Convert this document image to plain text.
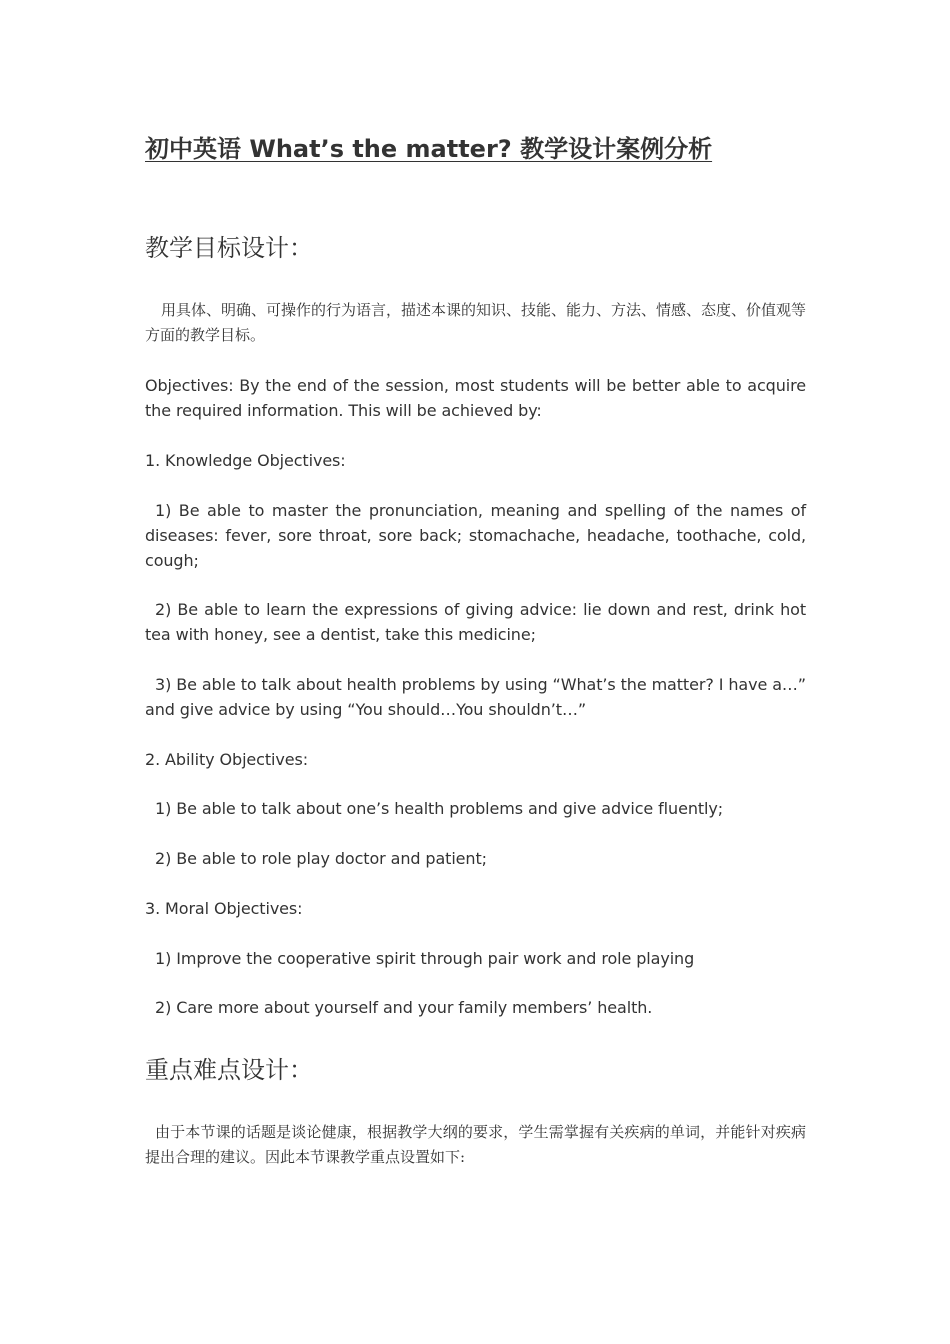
初中英语 What’s the matter? 教学设计案例分析
教学目标设计：

用具体、明确、可操作的行为语言，描述本课的知识、技能、能力、方法、情感、态度、价值观等方面的教学目标。

Objectives: By the end of the session, most students will be better able to acquire the required information. This will be achieved by:

1. Knowledge Objectives:

1) Be able to master the pronunciation, meaning and spelling of the names of diseases: fever, sore throat, sore back; stomachache, headache, toothache, cold, cough;

2) Be able to learn the expressions of giving advice: lie down and rest, drink hot tea with honey, see a dentist, take this medicine;

3) Be able to talk about health problems by using “What’s the matter? I have a…” and give advice by using “You should…You shouldn’t…”

2. Ability Objectives:

1) Be able to talk about one’s health problems and give advice fluently;

2) Be able to role play doctor and patient;

3. Moral Objectives:

1) Improve the cooperative spirit through pair work and role playing

2) Care more about yourself and your family members’ health.

重点难点设计：

由于本节课的话题是谈论健康，根据教学大纲的要求，学生需掌握有关疾病的单词，并能针对疾病提出合理的建议。因此本节课教学重点设置如下:
